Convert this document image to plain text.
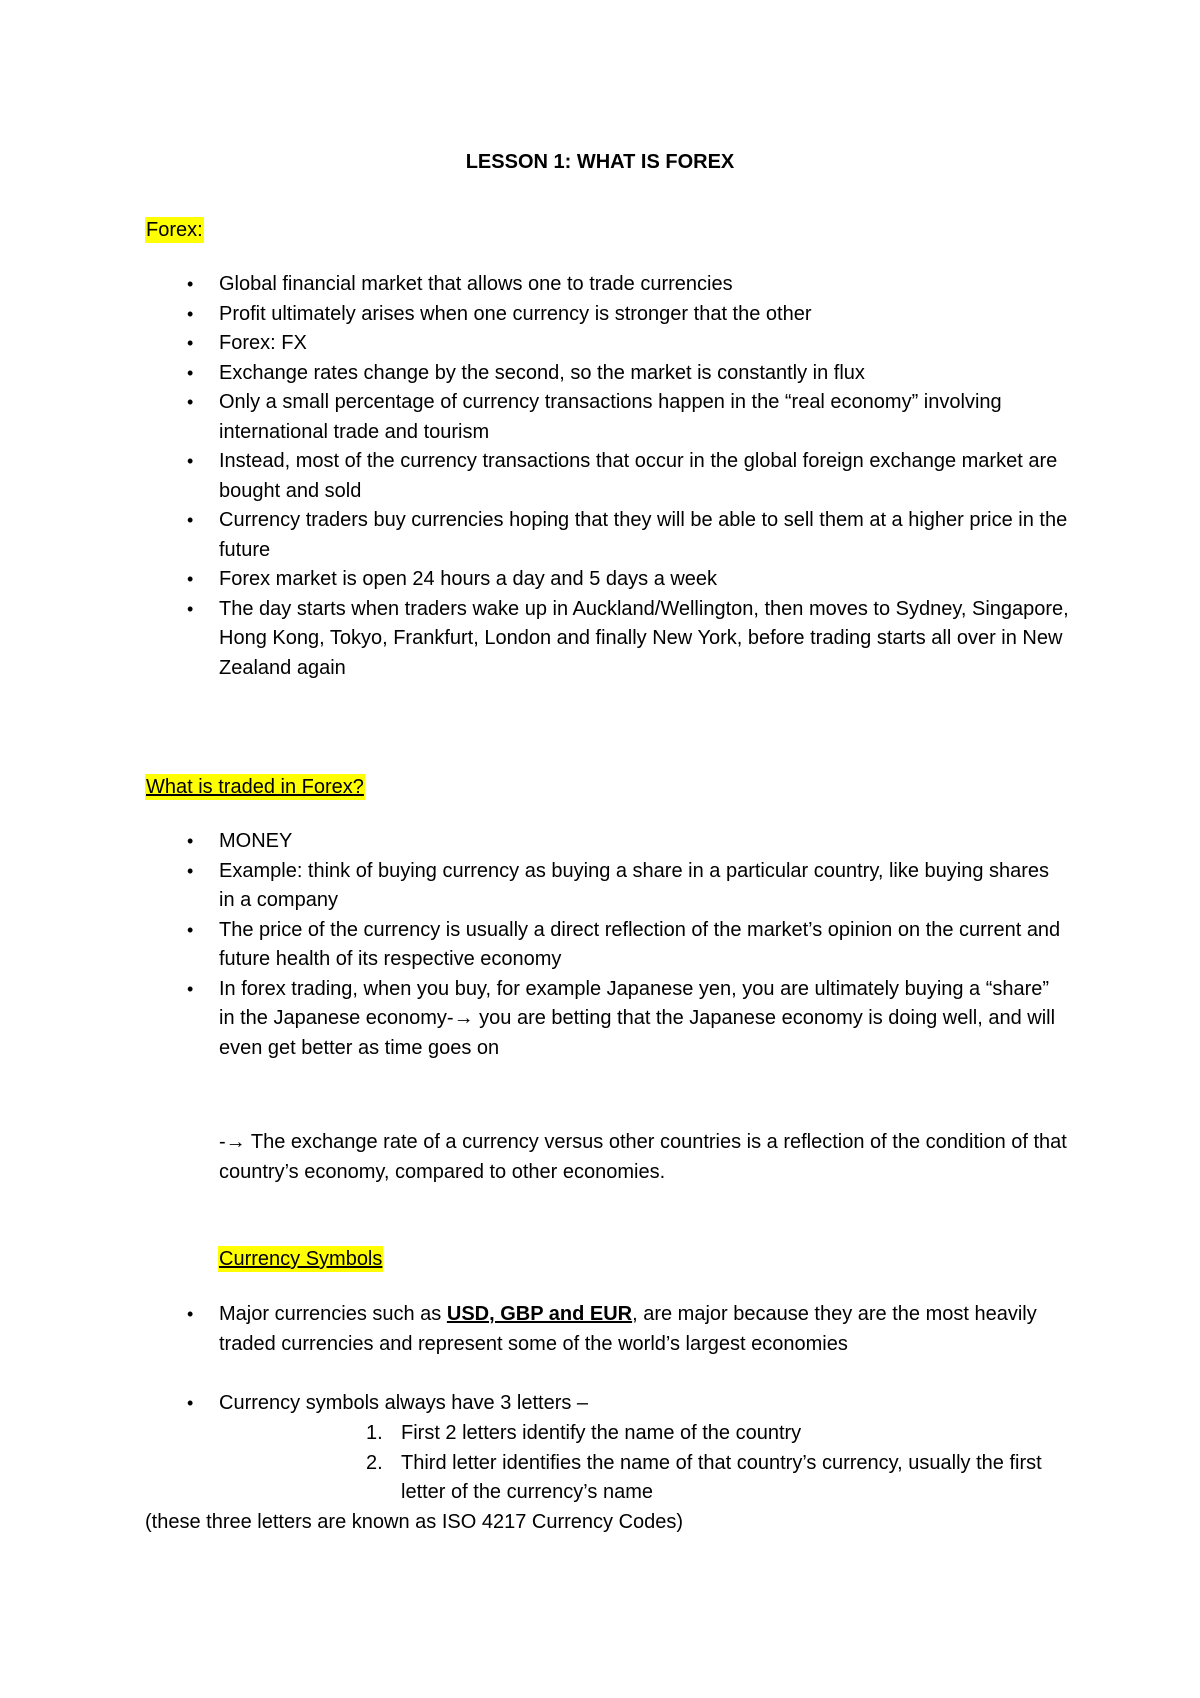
LESSON 1: WHAT IS FOREX
Forex:
• Global financial market that allows one to trade currencies
• Profit ultimately arises when one currency is stronger that the other
• Forex: FX
• Exchange rates change by the second, so the market is constantly in flux
• Only a small percentage of currency transactions happen in the “real economy” involving international trade and tourism
• Instead, most of the currency transactions that occur in the global foreign exchange market are bought and sold
• Currency traders buy currencies hoping that they will be able to sell them at a higher price in the future
• Forex market is open 24 hours a day and 5 days a week
• The day starts when traders wake up in Auckland/Wellington, then moves to Sydney, Singapore, Hong Kong, Tokyo, Frankfurt, London and finally New York, before trading starts all over in New Zealand again
What is traded in Forex?
• MONEY
• Example: think of buying currency as buying a share in a particular country, like buying shares in a company
• The price of the currency is usually a direct reflection of the market’s opinion on the current and future health of its respective economy
• In forex trading, when you buy, for example Japanese yen, you are ultimately buying a “share” in the Japanese economy-→ you are betting that the Japanese economy is doing well, and will even get better as time goes on
-→ The exchange rate of a currency versus other countries is a reflection of the condition of that country’s economy, compared to other economies.
Currency Symbols
• Major currencies such as USD, GBP and EUR, are major because they are the most heavily traded currencies and represent some of the world’s largest economies
• Currency symbols always have 3 letters –
1. First 2 letters identify the name of the country
2. Third letter identifies the name of that country’s currency, usually the first letter of the currency’s name
(these three letters are known as ISO 4217 Currency Codes)
